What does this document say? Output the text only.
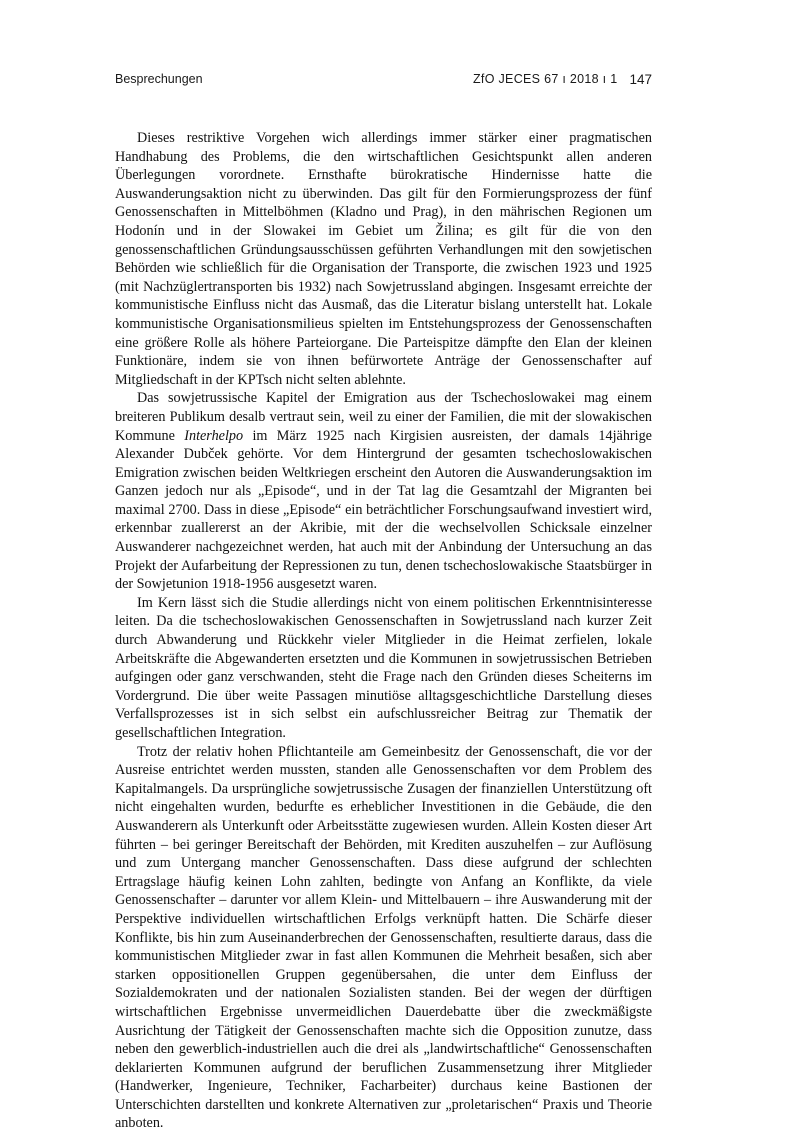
Besprechungen	ZfO JECES 67 ı 2018 ı 1 147

Dieses restriktive Vorgehen wich allerdings immer stärker einer pragmatischen Handhabung des Problems, die den wirtschaftlichen Gesichtspunkt allen anderen Überlegungen vorordnete. Ernsthafte bürokratische Hindernisse hatte die Auswanderungsaktion nicht zu überwinden. Das gilt für den Formierungsprozess der fünf Genossenschaften in Mittelböhmen (Kladno und Prag), in den mährischen Regionen um Hodonín und in der Slowakei im Gebiet um Žilina; es gilt für die von den genossenschaftlichen Gründungsausschüssen geführten Verhandlungen mit den sowjetischen Behörden wie schließlich für die Organisation der Transporte, die zwischen 1923 und 1925 (mit Nachzüglertransporten bis 1932) nach Sowjetrussland abgingen. Insgesamt erreichte der kommunistische Einfluss nicht das Ausmaß, das die Literatur bislang unterstellt hat. Lokale kommunistische Organisationsmilieus spielten im Entstehungsprozess der Genossenschaften eine größere Rolle als höhere Parteiorgane. Die Parteispitze dämpfte den Elan der kleinen Funktionäre, indem sie von ihnen befürwortete Anträge der Genossenschafter auf Mitgliedschaft in der KPTsch nicht selten ablehnte.

Das sowjetrussische Kapitel der Emigration aus der Tschechoslowakei mag einem breiteren Publikum desalb vertraut sein, weil zu einer der Familien, die mit der slowakischen Kommune Interhelpo im März 1925 nach Kirgisien ausreisten, der damals 14jährige Alexander Dubček gehörte. Vor dem Hintergrund der gesamten tschechoslowakischen Emigration zwischen beiden Weltkriegen erscheint den Autoren die Auswanderungsaktion im Ganzen jedoch nur als „Episode“, und in der Tat lag die Gesamtzahl der Migranten bei maximal 2700. Dass in diese „Episode“ ein beträchtlicher Forschungsaufwand investiert wird, erkennbar zuallererst an der Akribie, mit der die wechselvollen Schicksale einzelner Auswanderer nachgezeichnet werden, hat auch mit der Anbindung der Untersuchung an das Projekt der Aufarbeitung der Repressionen zu tun, denen tschechoslowakische Staatsbürger in der Sowjetunion 1918-1956 ausgesetzt waren.

Im Kern lässt sich die Studie allerdings nicht von einem politischen Erkenntnisinteresse leiten. Da die tschechoslowakischen Genossenschaften in Sowjetrussland nach kurzer Zeit durch Abwanderung und Rückkehr vieler Mitglieder in die Heimat zerfielen, lokale Arbeitskräfte die Abgewanderten ersetzten und die Kommunen in sowjetrussischen Betrieben aufgingen oder ganz verschwanden, steht die Frage nach den Gründen dieses Scheiterns im Vordergrund. Die über weite Passagen minutiöse alltagsgeschichtliche Darstellung dieses Verfallsprozesses ist in sich selbst ein aufschlussreicher Beitrag zur Thematik der gesellschaftlichen Integration.

Trotz der relativ hohen Pflichtanteile am Gemeinbesitz der Genossenschaft, die vor der Ausreise entrichtet werden mussten, standen alle Genossenschaften vor dem Problem des Kapitalmangels. Da ursprüngliche sowjetrussische Zusagen der finanziellen Unterstützung oft nicht eingehalten wurden, bedurfte es erheblicher Investitionen in die Gebäude, die den Auswanderern als Unterkunft oder Arbeitsstätte zugewiesen wurden. Allein Kosten dieser Art führten – bei geringer Bereitschaft der Behörden, mit Krediten auszuhelfen – zur Auflösung und zum Untergang mancher Genossenschaften. Dass diese aufgrund der schlechten Ertragslage häufig keinen Lohn zahlten, bedingte von Anfang an Konflikte, da viele Genossenschafter – darunter vor allem Klein- und Mittelbauern – ihre Auswanderung mit der Perspektive individuellen wirtschaftlichen Erfolgs verknüpft hatten. Die Schärfe dieser Konflikte, bis hin zum Auseinanderbrechen der Genossenschaften, resultierte daraus, dass die kommunistischen Mitglieder zwar in fast allen Kommunen die Mehrheit besaßen, sich aber starken oppositionellen Gruppen gegenübersahen, die unter dem Einfluss der Sozialdemokraten und der nationalen Sozialisten standen. Bei der wegen der dürftigen wirtschaftlichen Ergebnisse unvermeidlichen Dauerdebatte über die zweckmäßigste Ausrichtung der Tätigkeit der Genossenschaften machte sich die Opposition zunutze, dass neben den gewerblich-industriellen auch die drei als „landwirtschaftliche“ Genossenschaften deklarierten Kommunen aufgrund der beruflichen Zusammensetzung ihrer Mitglieder (Handwerker, Ingenieure, Techniker, Facharbeiter) durchaus keine Bastionen der Unterschichten darstellten und konkrete Alternativen zur „proletarischen“ Praxis und Theorie anboten.
